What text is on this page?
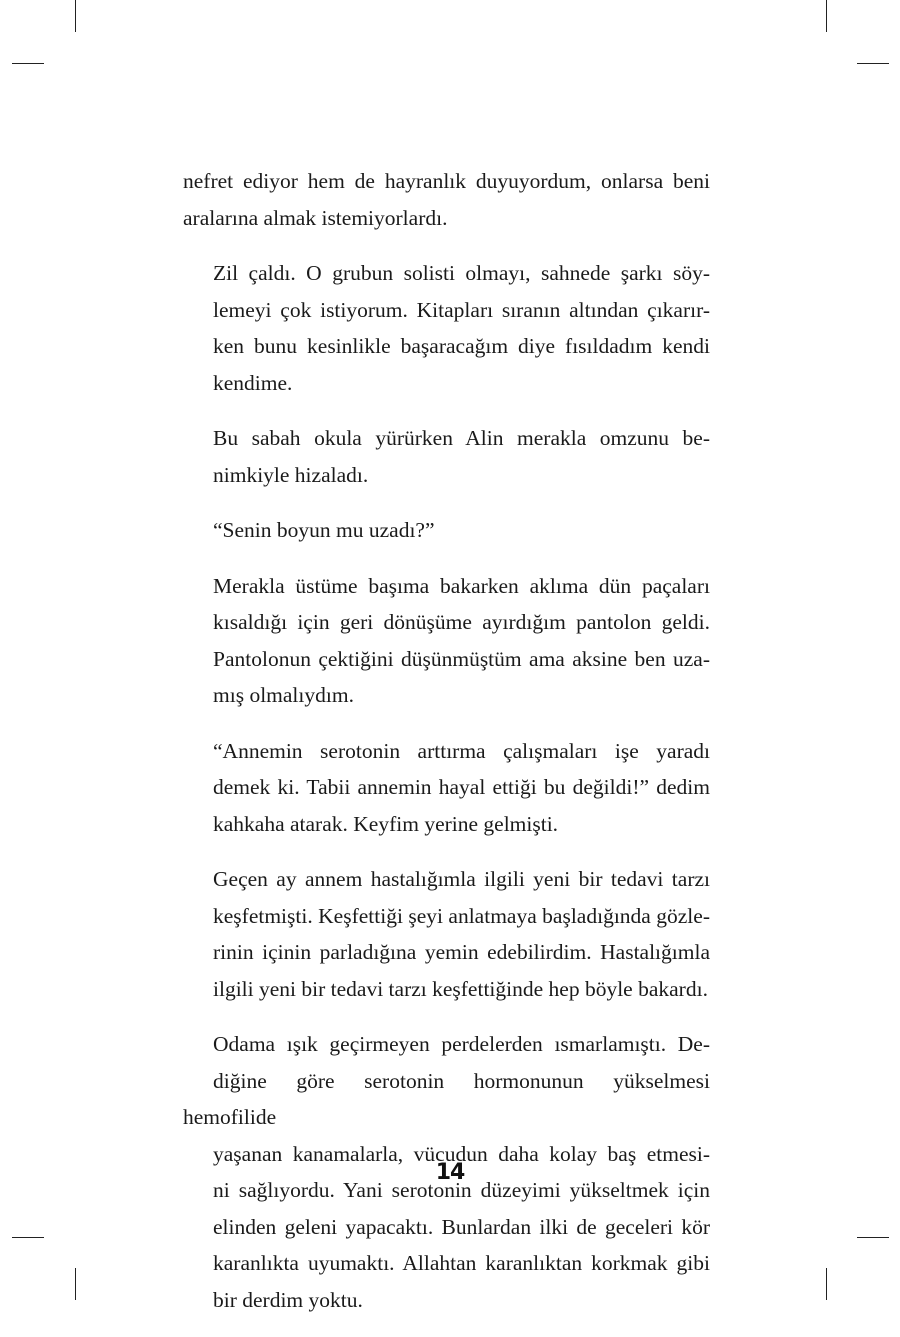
nefret ediyor hem de hayranlık duyuyordum, onlarsa beni
aralarına almak istemiyorlardı.

Zil çaldı. O grubun solisti olmayı, sahnede şarkı söy-
lemeyi çok istiyorum. Kitapları sıranın altından çıkarır-
ken bunu kesinlikle başaracağım diye fısıldadım kendi
kendime.

Bu sabah okula yürürken Alin merakla omzunu be-
nimkiyle hizaladı.

“Senin boyun mu uzadı?”

Merakla üstüme başıma bakarken aklıma dün paçaları
kısaldığı için geri dönüşüme ayırdığım pantolon geldi.
Pantolonun çektiğini düşünmüştüm ama aksine ben uza-
mış olmalıydım.

“Annemin serotonin arttırma çalışmaları işe yaradı
demek ki. Tabii annemin hayal ettiği bu değildi!” dedim
kahkaha atarak. Keyfim yerine gelmişti.

Geçen ay annem hastalığımla ilgili yeni bir tedavi tarzı
keşfetmişti. Keşfettiği şeyi anlatmaya başladığında gözle-
rinin içinin parladığına yemin edebilirdim. Hastalığımla
ilgili yeni bir tedavi tarzı keşfettiğinde hep böyle bakardı.

Odama ışık geçirmeyen perdelerden ısmarlamıştı. De-
diğine göre serotonin hormonunun yükselmesi hemofilide
yaşanan kanamalarla, vücudun daha kolay baş etmesi-
ni sağlıyordu. Yani serotonin düzeyimi yükseltmek için
elinden geleni yapacaktı. Bunlardan ilki de geceleri kör
karanlıkta uyumaktı. Allahtan karanlıktan korkmak gibi
bir derdim yoktu.

14
